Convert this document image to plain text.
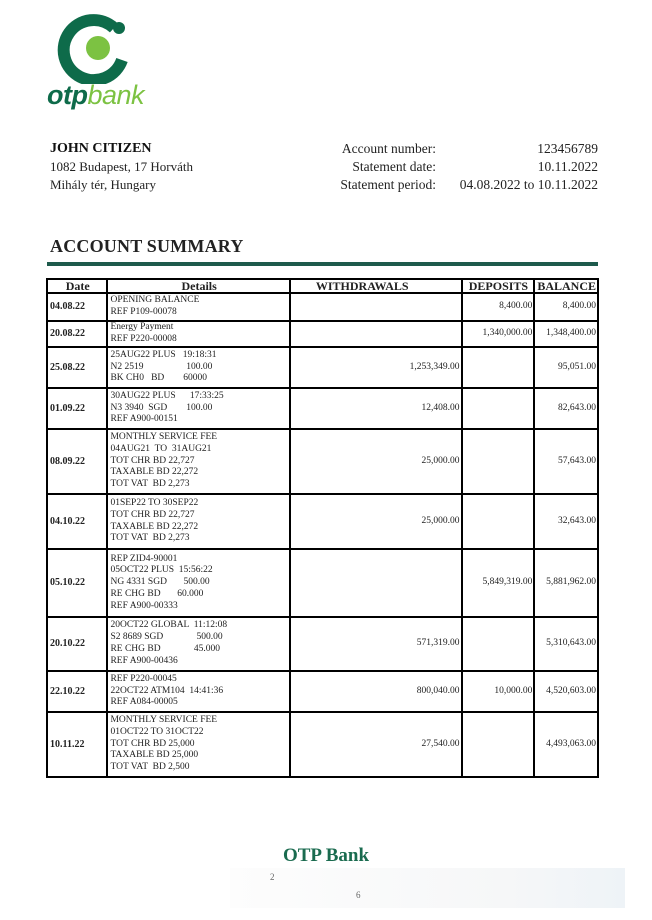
otpbank
JOHN CITIZEN
1082 Budapest, 17 Horváth
Mihály tér, Hungary
Account number:	123456789
Statement date:	10.11.2022
Statement period:	04.08.2022 to 10.11.2022
ACCOUNT SUMMARY
Date	Details	WITHDRAWALS	DEPOSITS	BALANCE
04.08.22	OPENING BALANCE
REF P109-00078		8,400.00	8,400.00
20.08.22	Energy Payment
REF P220-00008		1,340,000.00	1,348,400.00
25.08.22	25AUG22 PLUS   19:18:31
N2 2519                  100.00
BK CH0   BD        60000	1,253,349.00		95,051.00
01.09.22	30AUG22 PLUS      17:33:25
N3 3940  SGD        100.00
REF A900-00151	12,408.00		82,643.00
08.09.22	MONTHLY SERVICE FEE
04AUG21  TO  31AUG21
TOT CHR BD 22,727
TAXABLE BD 22,272
TOT VAT  BD 2,273	25,000.00		57,643.00
04.10.22	01SEP22 TO 30SEP22
TOT CHR BD 22,727
TAXABLE BD 22,272
TOT VAT  BD 2,273	25,000.00		32,643.00
05.10.22	REP ZID4-90001
05OCT22 PLUS  15:56:22
NG 4331 SGD       500.00
RE CHG BD       60.000
REF A900-00333		5,849,319.00	5,881,962.00
20.10.22	20OCT22 GLOBAL  11:12:08
S2 8689 SGD              500.00
RE CHG BD              45.000
REF A900-00436	571,319.00		5,310,643.00
22.10.22	REF P220-00045
22OCT22 ATM104  14:41:36
REF A084-00005	800,040.00	10,000.00	4,520,603.00
10.11.22	MONTHLY SERVICE FEE
01OCT22 TO 31OCT22
TOT CHR BD 25,000
TAXABLE BD 25,000
TOT VAT  BD 2,500	27,540.00		4,493,063.00
OTP Bank
2
6
